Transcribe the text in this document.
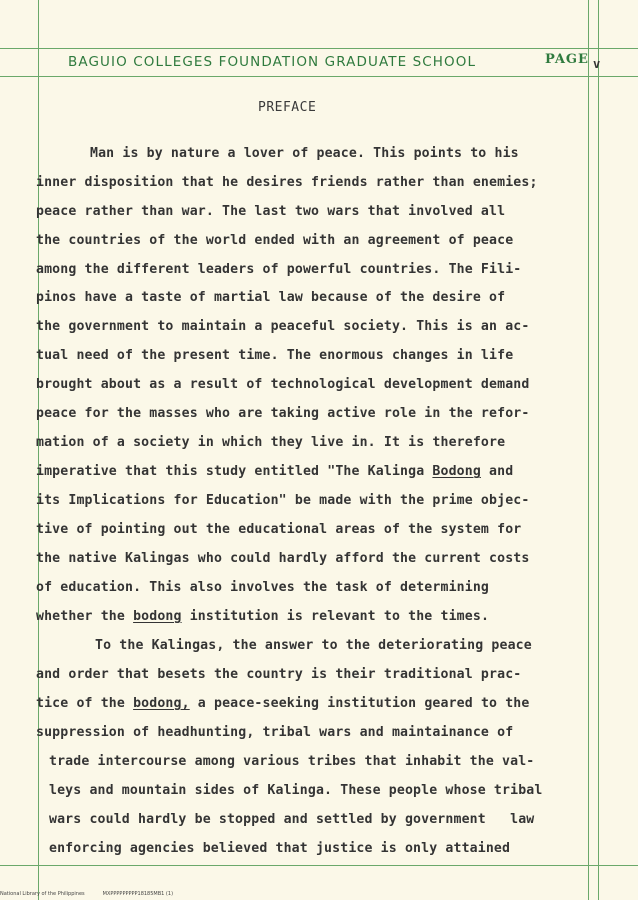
BAGUIO COLLEGES FOUNDATION GRADUATE SCHOOL	PAGE v
PREFACE
Man is by nature a lover of peace. This points to his
inner disposition that he desires friends rather than enemies;
peace rather than war. The last two wars that involved all
the countries of the world ended with an agreement of peace
among the different leaders of powerful countries. The Fili-
pinos have a taste of martial law because of the desire of
the government to maintain a peaceful society. This is an ac-
tual need of the present time. The enormous changes in life
brought about as a result of technological development demand
peace for the masses who are taking active role in the refor-
mation of a society in which they live in. It is therefore
imperative that this study entitled "The Kalinga Bodong and
its Implications for Education" be made with the prime objec-
tive of pointing out the educational areas of the system for
the native Kalingas who could hardly afford the current costs
of education. This also involves the task of determining
whether the bodong institution is relevant to the times.
To the Kalingas, the answer to the deteriorating peace
and order that besets the country is their traditional prac-
tice of the bodong, a peace-seeking institution geared to the
suppression of headhunting, tribal wars and maintainance of
trade intercourse among various tribes that inhabit the val-
leys and mountain sides of Kalinga. These people whose tribal
wars could hardly be stopped and settled by government   law
enforcing agencies believed that justice is only attained
National Library of the Philippines	MXPPPPPPPPP18185MB1 (1)
